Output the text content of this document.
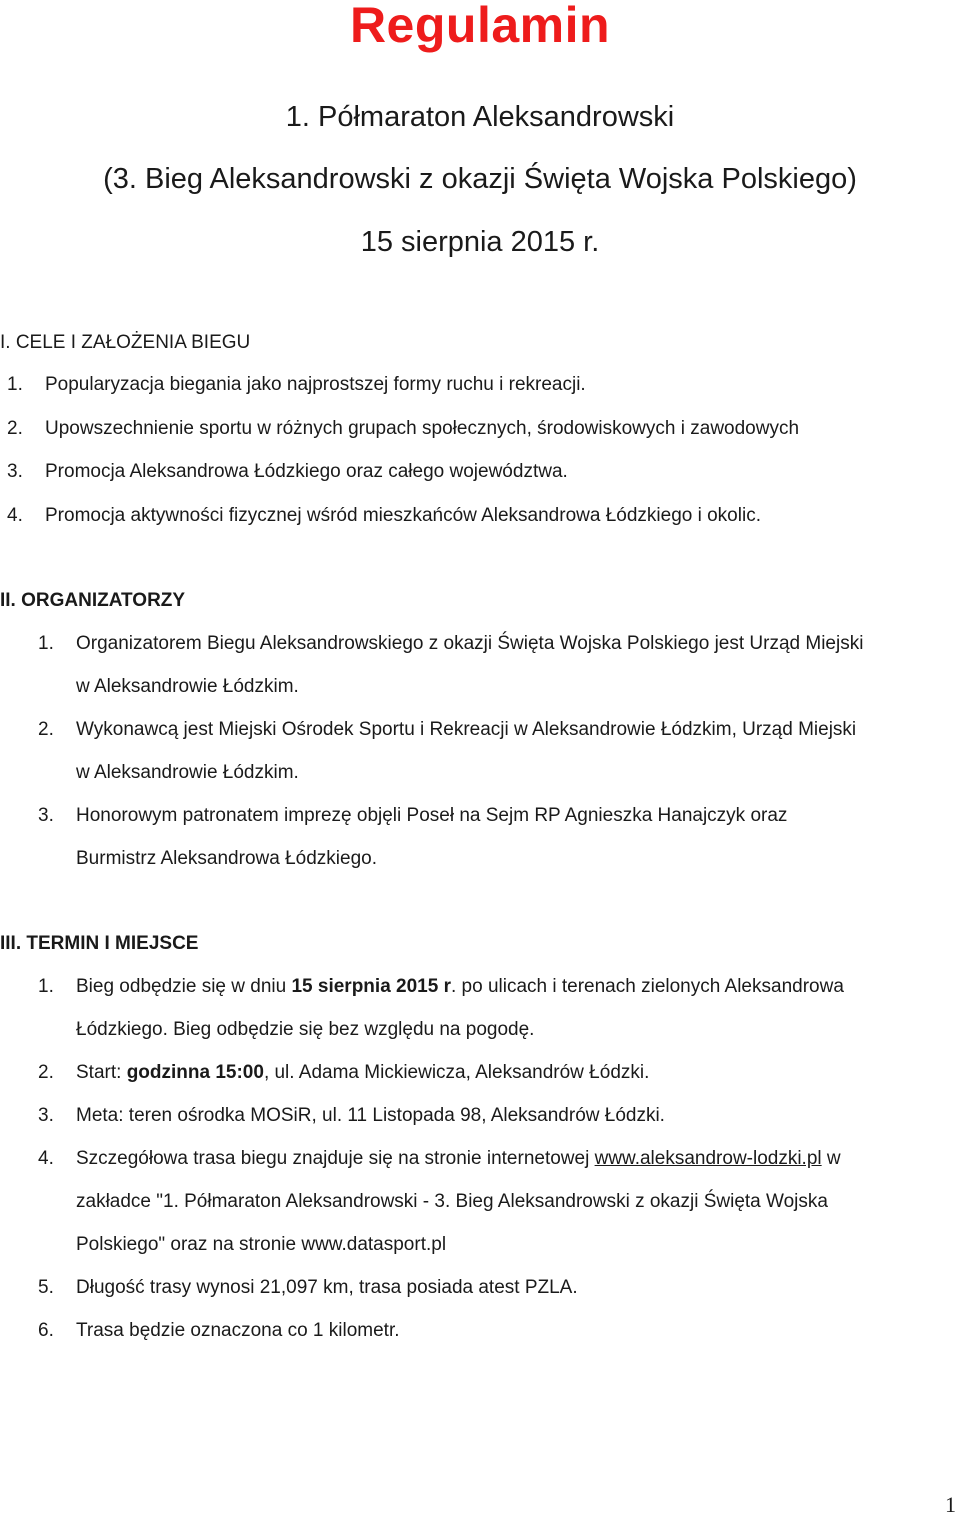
Regulamin
1. Półmaraton Aleksandrowski
(3. Bieg Aleksandrowski z okazji Święta Wojska Polskiego)
15 sierpnia 2015 r.
I. CELE I ZAŁOŻENIA BIEGU
1. Popularyzacja biegania jako najprostszej formy ruchu i rekreacji.
2. Upowszechnienie sportu w różnych grupach społecznych, środowiskowych i zawodowych
3. Promocja Aleksandrowa Łódzkiego oraz całego województwa.
4. Promocja aktywności fizycznej wśród mieszkańców Aleksandrowa Łódzkiego i okolic.
II. ORGANIZATORZY
1. Organizatorem Biegu Aleksandrowskiego z okazji Święta Wojska Polskiego jest Urząd Miejski
w Aleksandrowie Łódzkim.
2. Wykonawcą jest Miejski Ośrodek Sportu i Rekreacji w Aleksandrowie Łódzkim, Urząd Miejski
w Aleksandrowie Łódzkim.
3. Honorowym patronatem imprezę objęli Poseł na Sejm RP Agnieszka Hanajczyk oraz
Burmistrz Aleksandrowa Łódzkiego.
III. TERMIN I MIEJSCE
1. Bieg odbędzie się w dniu 15 sierpnia 2015 r. po ulicach i terenach zielonych Aleksandrowa
Łódzkiego. Bieg odbędzie się bez względu na pogodę.
2. Start: godzinna 15:00, ul. Adama Mickiewicza, Aleksandrów Łódzki.
3. Meta: teren ośrodka MOSiR, ul. 11 Listopada 98, Aleksandrów Łódzki.
4. Szczegółowa trasa biegu znajduje się na stronie internetowej www.aleksandrow-lodzki.pl w
zakładce "1. Półmaraton Aleksandrowski - 3. Bieg Aleksandrowski z okazji Święta Wojska
Polskiego" oraz na stronie www.datasport.pl
5. Długość trasy wynosi 21,097 km, trasa posiada atest PZLA.
6. Trasa będzie oznaczona co 1 kilometr.
1
